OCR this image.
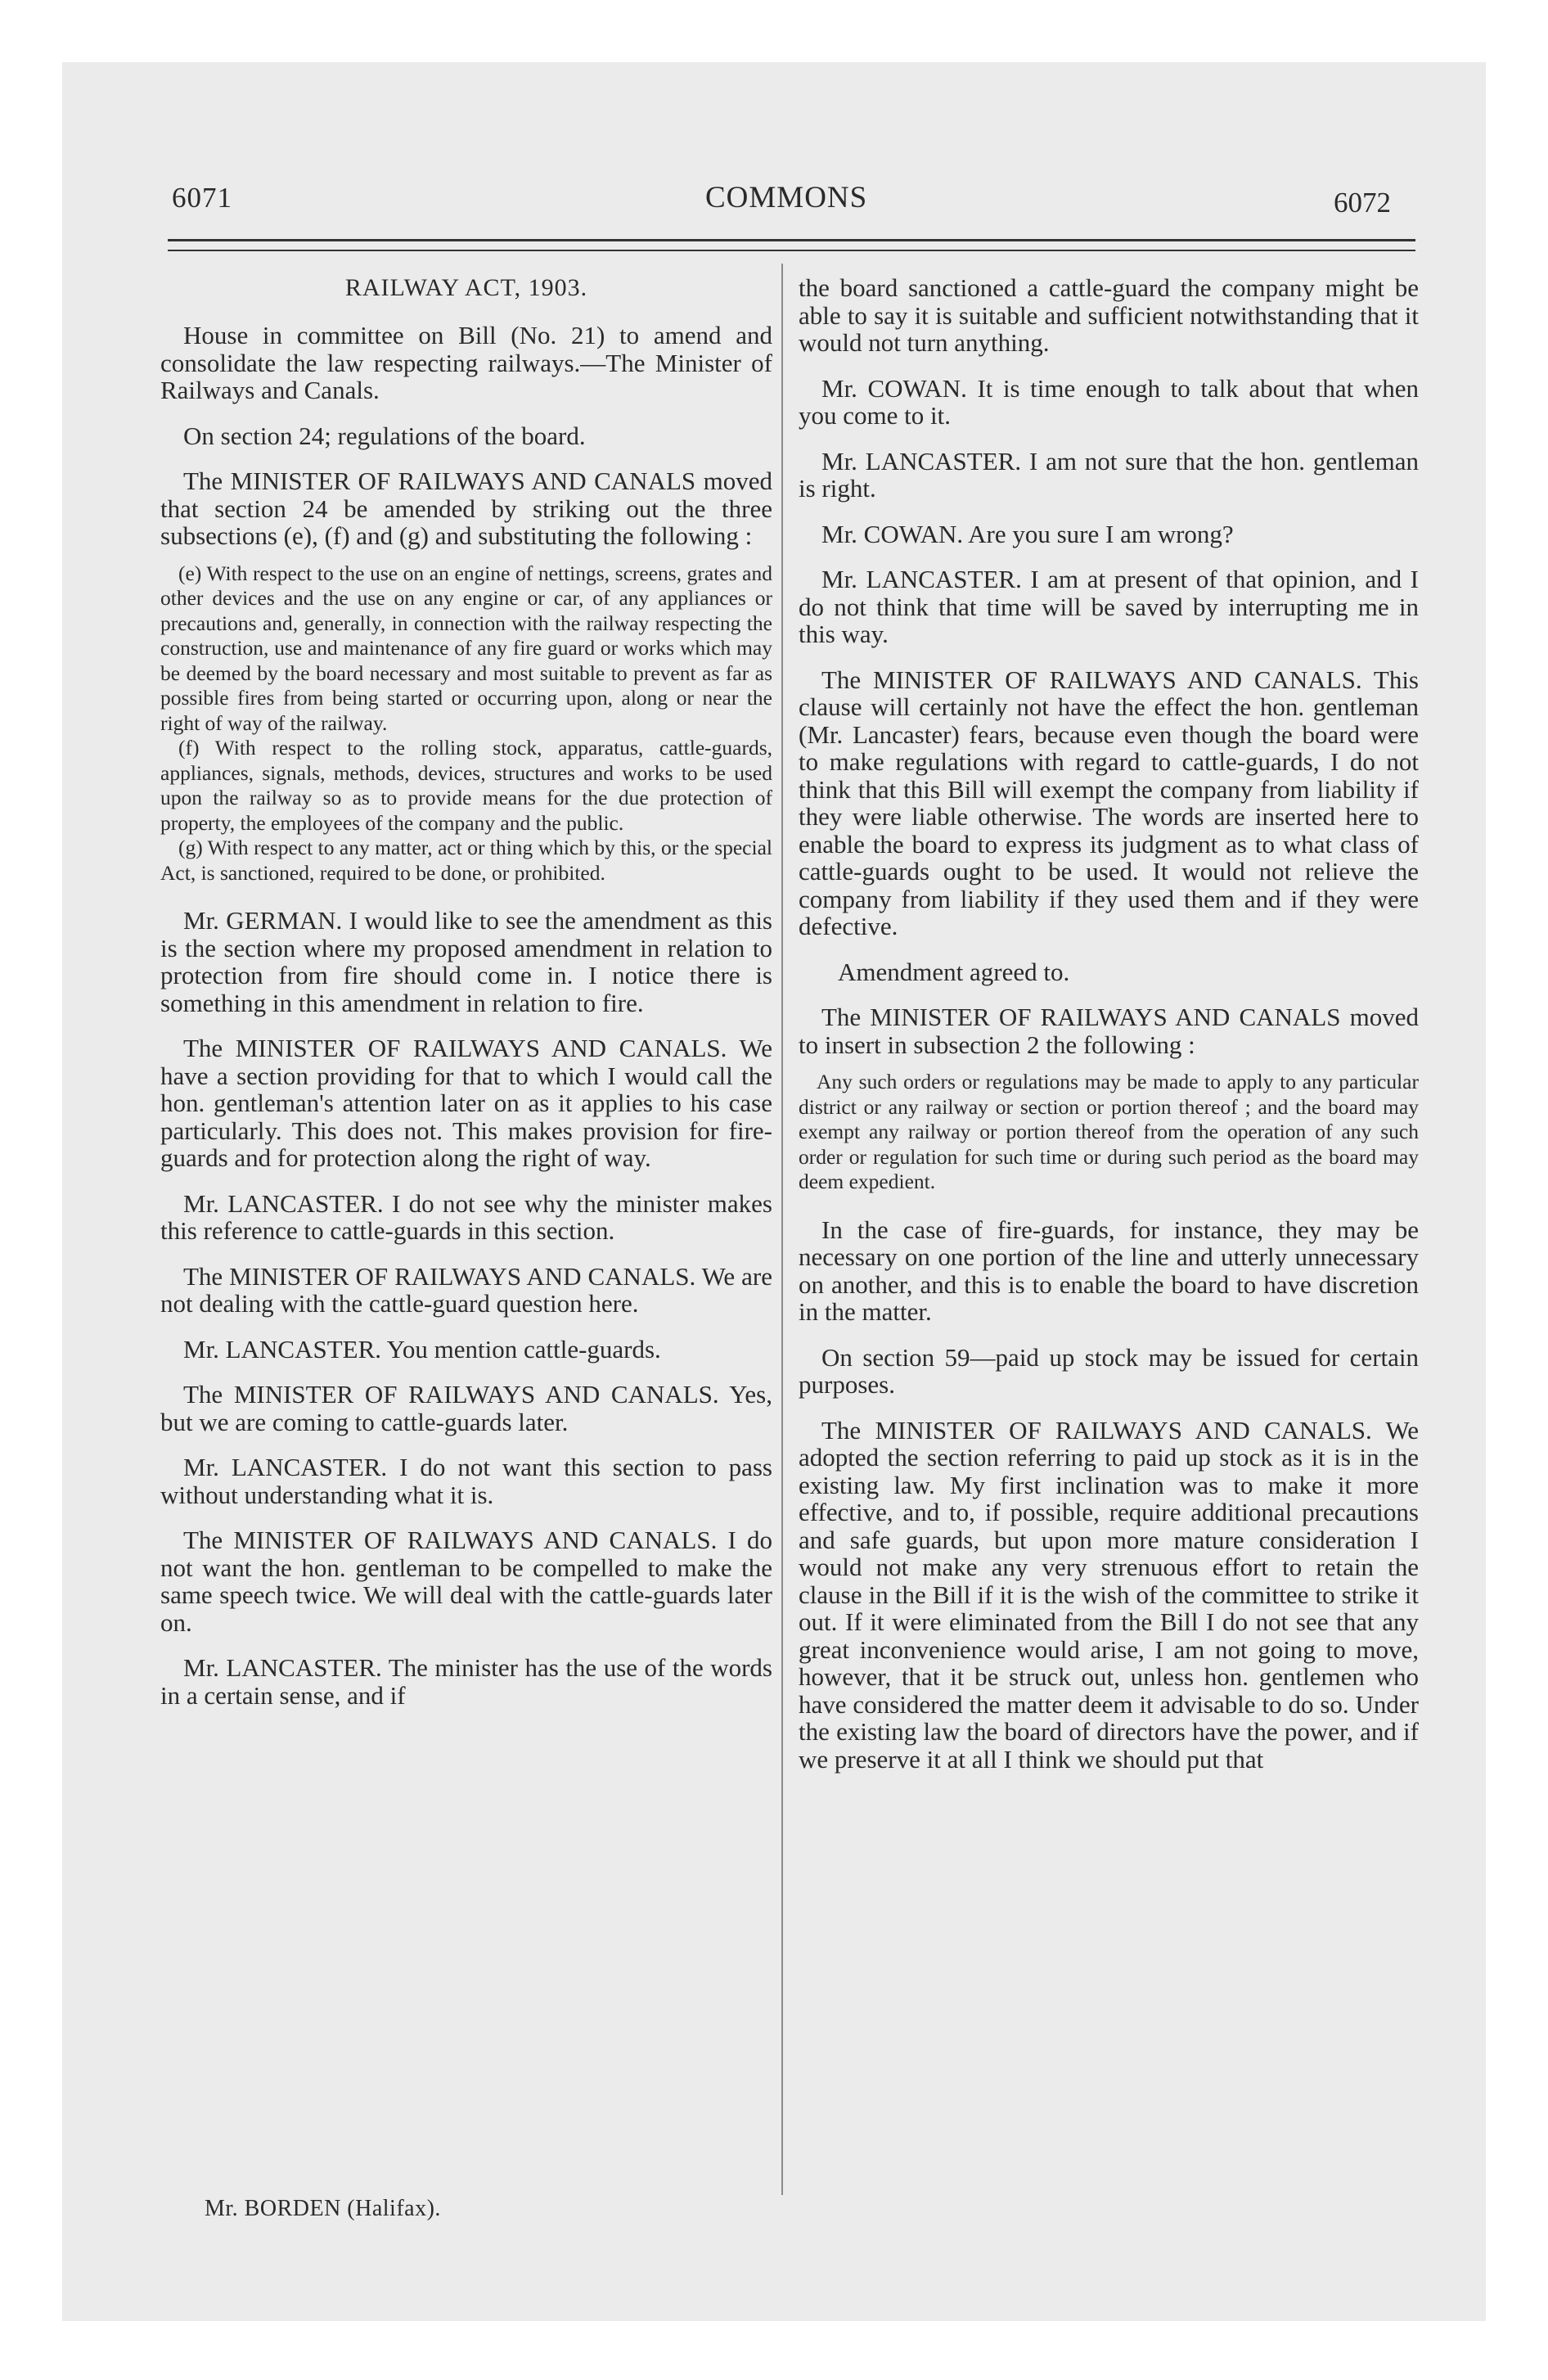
6071	COMMONS	6072

RAILWAY ACT, 1903.

House in committee on Bill (No. 21) to amend and consolidate the law respecting railways.—The Minister of Railways and Canals.

On section 24; regulations of the board.

The MINISTER OF RAILWAYS AND CANALS moved that section 24 be amended by striking out the three subsections (e), (f) and (g) and substituting the following :

(e) With respect to the use on an engine of nettings, screens, grates and other devices and the use on any engine or car, of any appliances or precautions and, generally, in connection with the railway respecting the construction, use and maintenance of any fire guard or works which may be deemed by the board necessary and most suitable to prevent as far as possible fires from being started or occurring upon, along or near the right of way of the railway.

(f) With respect to the rolling stock, apparatus, cattle-guards, appliances, signals, methods, devices, structures and works to be used upon the railway so as to provide means for the due protection of property, the employees of the company and the public.

(g) With respect to any matter, act or thing which by this, or the special Act, is sanctioned, required to be done, or prohibited.

Mr. GERMAN. I would like to see the amendment as this is the section where my proposed amendment in relation to protection from fire should come in. I notice there is something in this amendment in relation to fire.

The MINISTER OF RAILWAYS AND CANALS. We have a section providing for that to which I would call the hon. gentleman's attention later on as it applies to his case particularly. This does not. This makes provision for fire-guards and for protection along the right of way.

Mr. LANCASTER. I do not see why the minister makes this reference to cattle-guards in this section.

The MINISTER OF RAILWAYS AND CANALS. We are not dealing with the cattle-guard question here.

Mr. LANCASTER. You mention cattle-guards.

The MINISTER OF RAILWAYS AND CANALS. Yes, but we are coming to cattle-guards later.

Mr. LANCASTER. I do not want this section to pass without understanding what it is.

The MINISTER OF RAILWAYS AND CANALS. I do not want the hon. gentleman to be compelled to make the same speech twice. We will deal with the cattle-guards later on.

Mr. LANCASTER. The minister has the use of the words in a certain sense, and if

the board sanctioned a cattle-guard the company might be able to say it is suitable and sufficient notwithstanding that it would not turn anything.

Mr. COWAN. It is time enough to talk about that when you come to it.

Mr. LANCASTER. I am not sure that the hon. gentleman is right.

Mr. COWAN. Are you sure I am wrong?

Mr. LANCASTER. I am at present of that opinion, and I do not think that time will be saved by interrupting me in this way.

The MINISTER OF RAILWAYS AND CANALS. This clause will certainly not have the effect the hon. gentleman (Mr. Lancaster) fears, because even though the board were to make regulations with regard to cattle-guards, I do not think that this Bill will exempt the company from liability if they were liable otherwise. The words are inserted here to enable the board to express its judgment as to what class of cattle-guards ought to be used. It would not relieve the company from liability if they used them and if they were defective.

Amendment agreed to.

The MINISTER OF RAILWAYS AND CANALS moved to insert in subsection 2 the following :

Any such orders or regulations may be made to apply to any particular district or any railway or section or portion thereof ; and the board may exempt any railway or portion thereof from the operation of any such order or regulation for such time or during such period as the board may deem expedient.

In the case of fire-guards, for instance, they may be necessary on one portion of the line and utterly unnecessary on another, and this is to enable the board to have discretion in the matter.

On section 59—paid up stock may be issued for certain purposes.

The MINISTER OF RAILWAYS AND CANALS. We adopted the section referring to paid up stock as it is in the existing law. My first inclination was to make it more effective, and to, if possible, require additional precautions and safe guards, but upon more mature consideration I would not make any very strenuous effort to retain the clause in the Bill if it is the wish of the committee to strike it out. If it were eliminated from the Bill I do not see that any great inconvenience would arise, I am not going to move, however, that it be struck out, unless hon. gentlemen who have considered the matter deem it advisable to do so. Under the existing law the board of directors have the power, and if we preserve it at all I think we should put that

Mr. BORDEN (Halifax).
